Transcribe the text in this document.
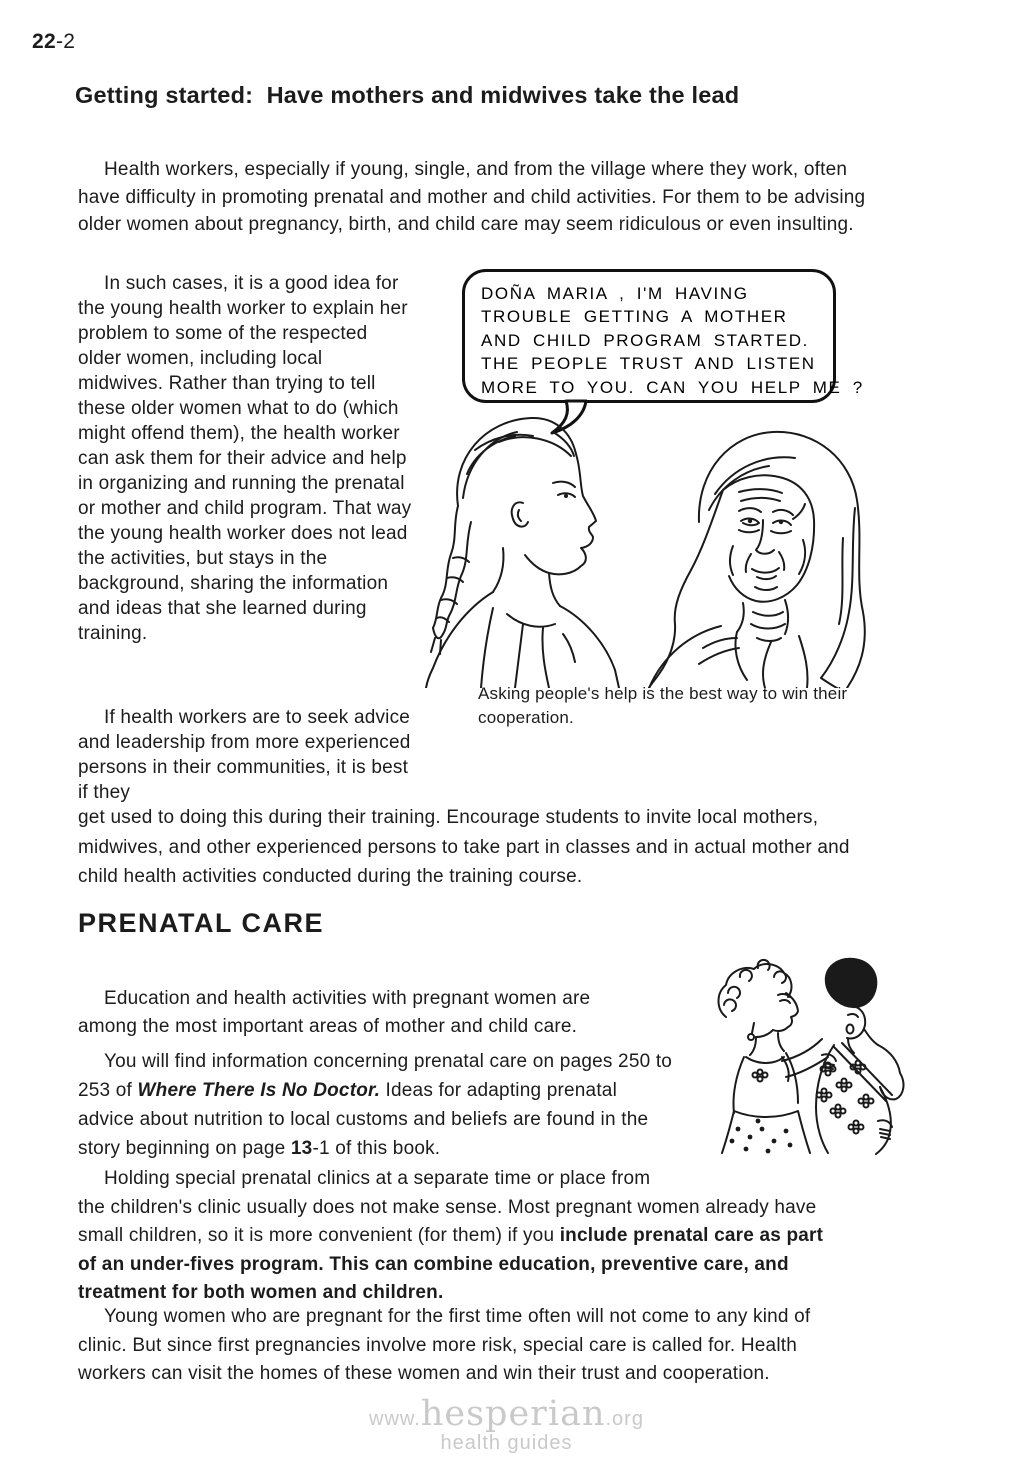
22-2
Getting started:  Have mothers and midwives take the lead

Health workers, especially if young, single, and from the village where they work, often have difficulty in promoting prenatal and mother and child activities. For them to be advising older women about pregnancy, birth, and child care may seem ridiculous or even insulting.

In such cases, it is a good idea for the young health worker to explain her problem to some of the respected older women, including local midwives. Rather than trying to tell these older women what to do (which might offend them), the health worker can ask them for their advice and help in organizing and running the prenatal or mother and child program. That way the young health worker does not lead the activities, but stays in the background, sharing the information and ideas that she learned during training.

DOÑA MARIA , I'M HAVING
TROUBLE GETTING A MOTHER
AND CHILD PROGRAM STARTED.
THE PEOPLE TRUST AND LISTEN
MORE TO YOU. CAN YOU HELP ME ?
Asking people's help is the best way to win their cooperation.

If health workers are to seek advice and leadership from more experienced persons in their communities, it is best if they

get used to doing this during their training. Encourage students to invite local mothers, midwives, and other experienced persons to take part in classes and in actual mother and child health activities conducted during the training course.

PRENATAL CARE

Education and health activities with pregnant women are among the most important areas of mother and child care.

You will find information concerning prenatal care on pages 250 to 253 of Where There Is No Doctor. Ideas for adapting prenatal advice about nutrition to local customs and beliefs are found in the story beginning on page 13-1 of this book.

Holding special prenatal clinics at a separate time or place from the children's clinic usually does not make sense. Most pregnant women already have small children, so it is more convenient (for them) if you include prenatal care as part of an under-fives program. This can combine education, preventive care, and treatment for both women and children.

Young women who are pregnant for the first time often will not come to any kind of clinic. But since first pregnancies involve more risk, special care is called for. Health workers can visit the homes of these women and win their trust and cooperation.

www.hesperian.org
health guides
